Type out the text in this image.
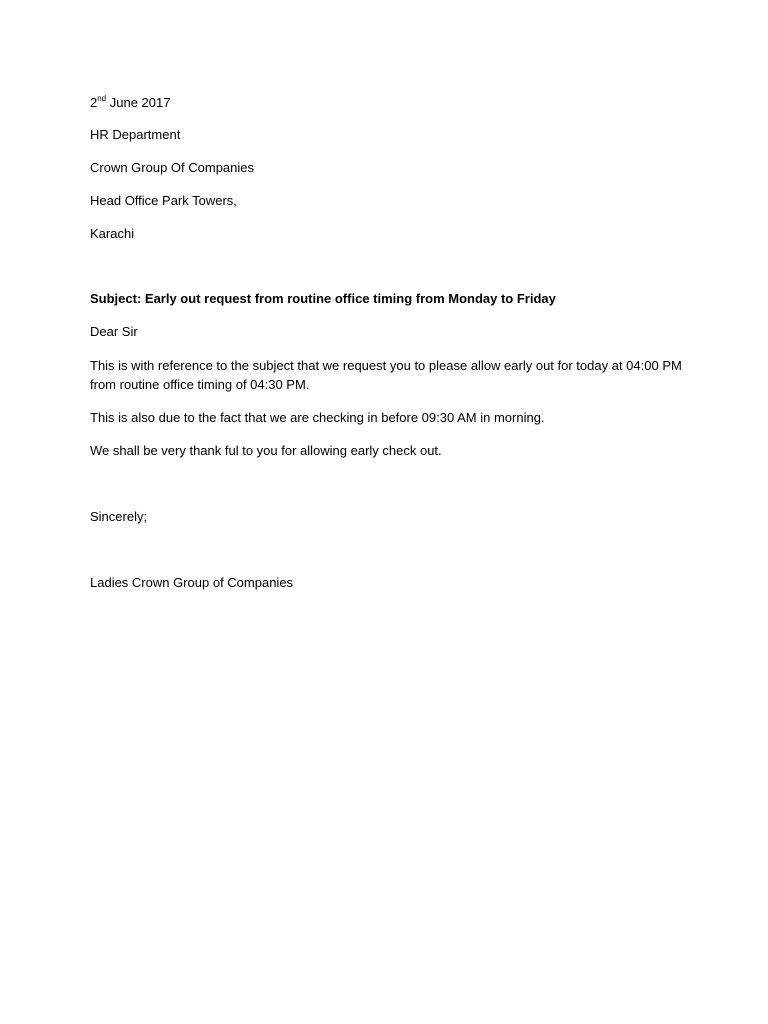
2nd June 2017

HR Department

Crown Group Of Companies

Head Office Park Towers,

Karachi

Subject: Early out request from routine office timing from Monday to Friday

Dear Sir

This is with reference to the subject that we request you to please allow early out for today at 04:00 PM from routine office timing of 04:30 PM.

This is also due to the fact that we are checking in before 09:30 AM in morning.

We shall be very thank ful to you for allowing early check out.

Sincerely;

Ladies Crown Group of Companies
